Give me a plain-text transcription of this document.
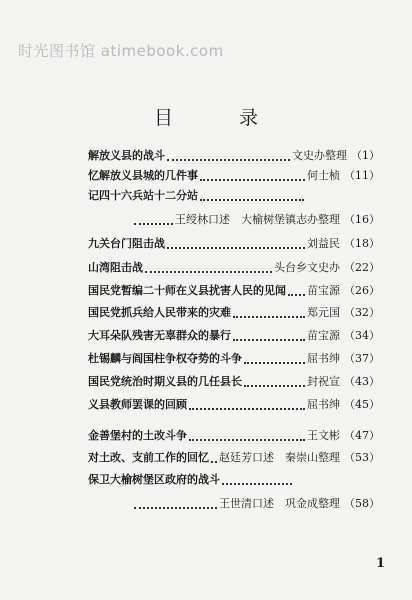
时光图书馆 atimebook.com
目 录
解放义县的战斗	文史办整理 （1）
忆解放义县城的几件事	何士桢 （11）
记四十六兵站十二分站
王绶林口述　大榆树堡镇志办整理 （16）
九关台门阻击战	刘益民 （18）
山湾阻击战	头台乡文史办 （22）
国民党暂编二十师在义县扰害人民的见闻 苗宝源 （26）
国民党抓兵给人民带来的灾难	郑元国 （32）
大耳朵队残害无辜群众的暴行	苗宝源 （34）
杜锡麟与阎国柱争权夺势的斗争	屈书绅 （37）
国民党统治时期义县的几任县长	封祝宣 （43）
义县教师罢课的回顾	屈书绅 （45）
金善堡村的土改斗争	王文彬 （47）
对土改、支前工作的回忆 赵廷芳口述　秦崇山整理 （53）
保卫大榆树堡区政府的战斗
王世清口述　巩金成整理 （58）
1
